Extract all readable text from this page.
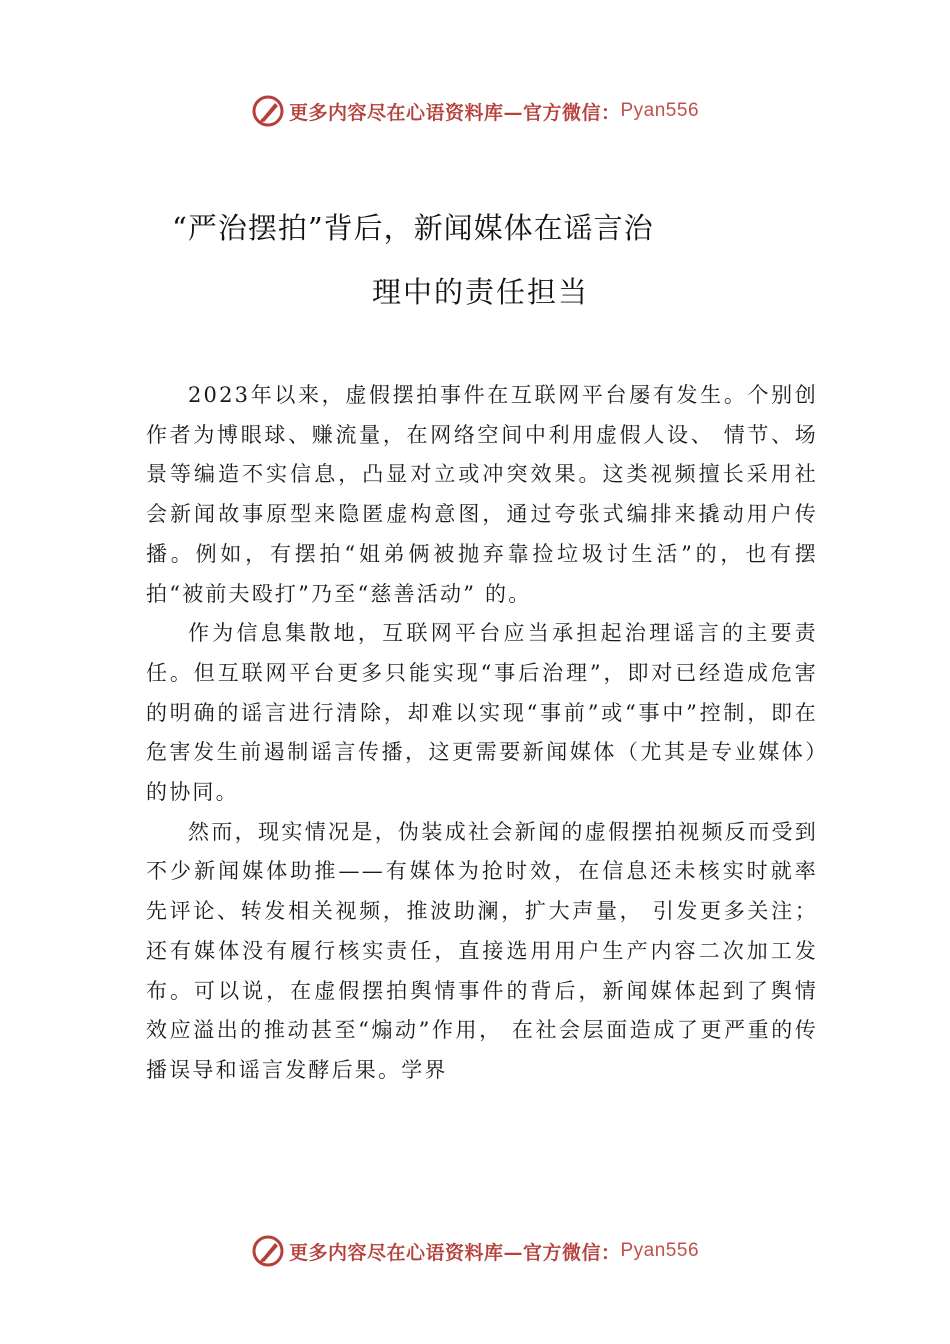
更多内容尽在心语资料库—官方微信： Pyan556
“严治摆拍”背后，新闻媒体在谣言治
理中的责任担当

2023年以来，虚假摆拍事件在互联网平台屡有发生。个别创作者为博眼球、赚流量，在网络空间中利用虚假人设、 情节、场景等编造不实信息，凸显对立或冲突效果。这类视频擅长采用社会新闻故事原型来隐匿虚构意图，通过夸张式编排来撬动用户传播。例如，有摆拍“姐弟俩被抛弃靠捡垃圾讨生活”的，也有摆拍“被前夫殴打”乃至“慈善活动” 的。

作为信息集散地，互联网平台应当承担起治理谣言的主要责任。但互联网平台更多只能实现“事后治理”，即对已经造成危害的明确的谣言进行清除，却难以实现“事前”或“事中”控制，即在危害发生前遏制谣言传播，这更需要新闻媒体（尤其是专业媒体）的协同。

然而，现实情况是，伪装成社会新闻的虚假摆拍视频反而受到不少新闻媒体助推——有媒体为抢时效，在信息还未核实时就率先评论、转发相关视频，推波助澜，扩大声量， 引发更多关注；还有媒体没有履行核实责任，直接选用用户生产内容二次加工发布。可以说，在虚假摆拍舆情事件的背后，新闻媒体起到了舆情效应溢出的推动甚至“煽动”作用， 在社会层面造成了更严重的传播误导和谣言发酵后果。学界

更多内容尽在心语资料库—官方微信： Pyan556
